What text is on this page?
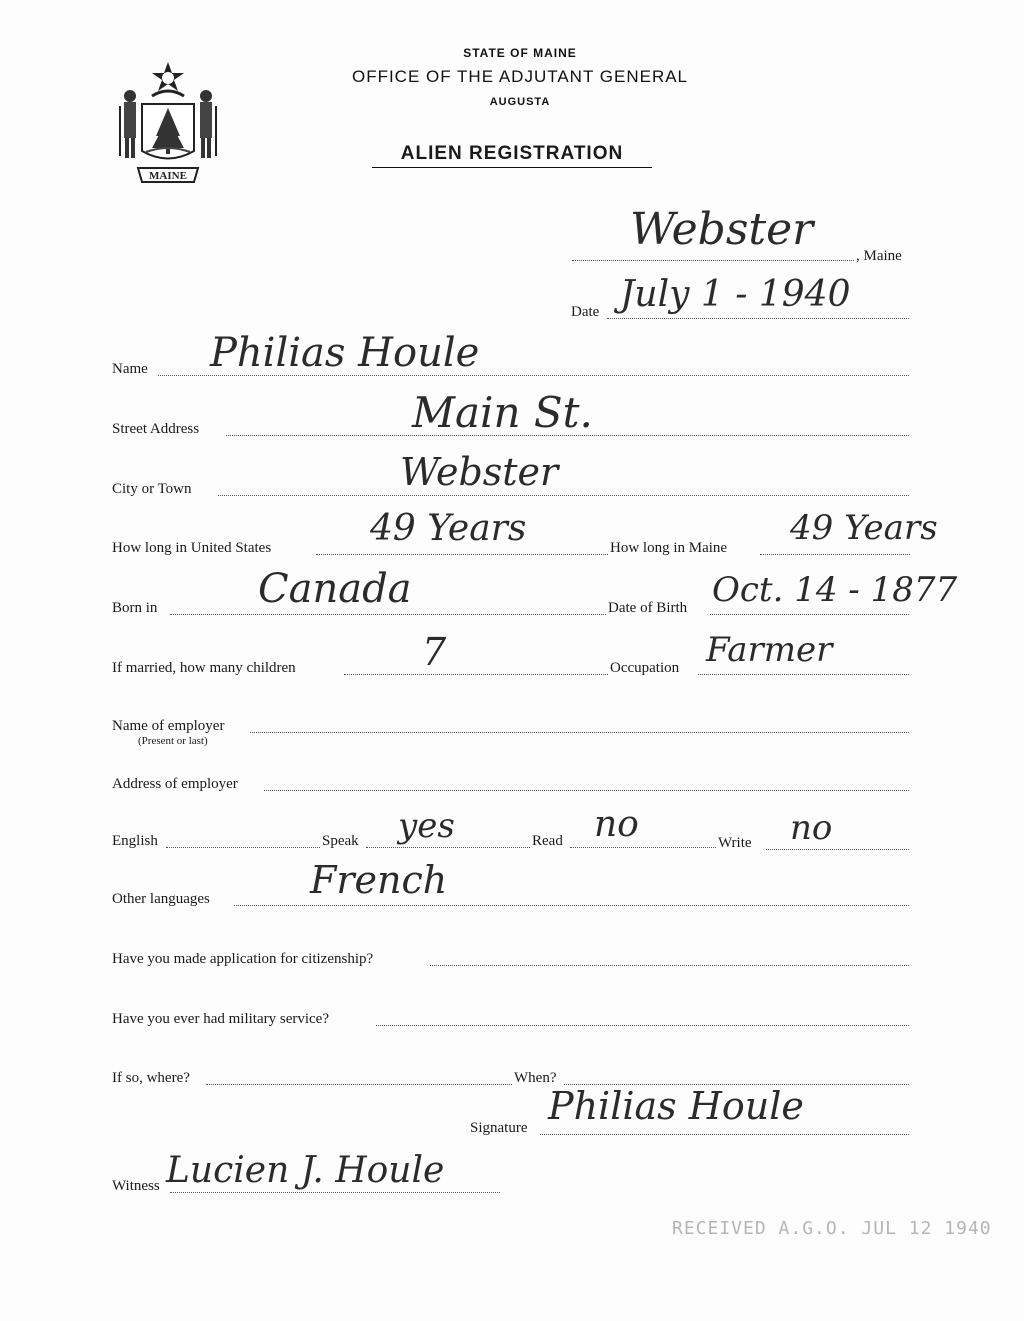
MAINE
STATE OF MAINE
OFFICE OF THE ADJUTANT GENERAL
AUGUSTA
ALIEN REGISTRATION
Webster
, Maine
Date July 1 - 1940
Name Philias Houle
Street Address	Main St.
City or Town	Webster
How long in United States	49 Years	How long in Maine 49 Years
Born in	Canada	Date of Birth Oct. 14 - 1877
If married, how many children	7	Occupation Farmer
Name of employer
(Present or last)
Address of employer
English	Speak yes	Read no	Write no
Other languages	French
Have you made application for citizenship?
Have you ever had military service?
If so, where?	When?
Signature Philias Houle
Witness Lucien J. Houle
RECEIVED A.G.O. JUL 12 1940
